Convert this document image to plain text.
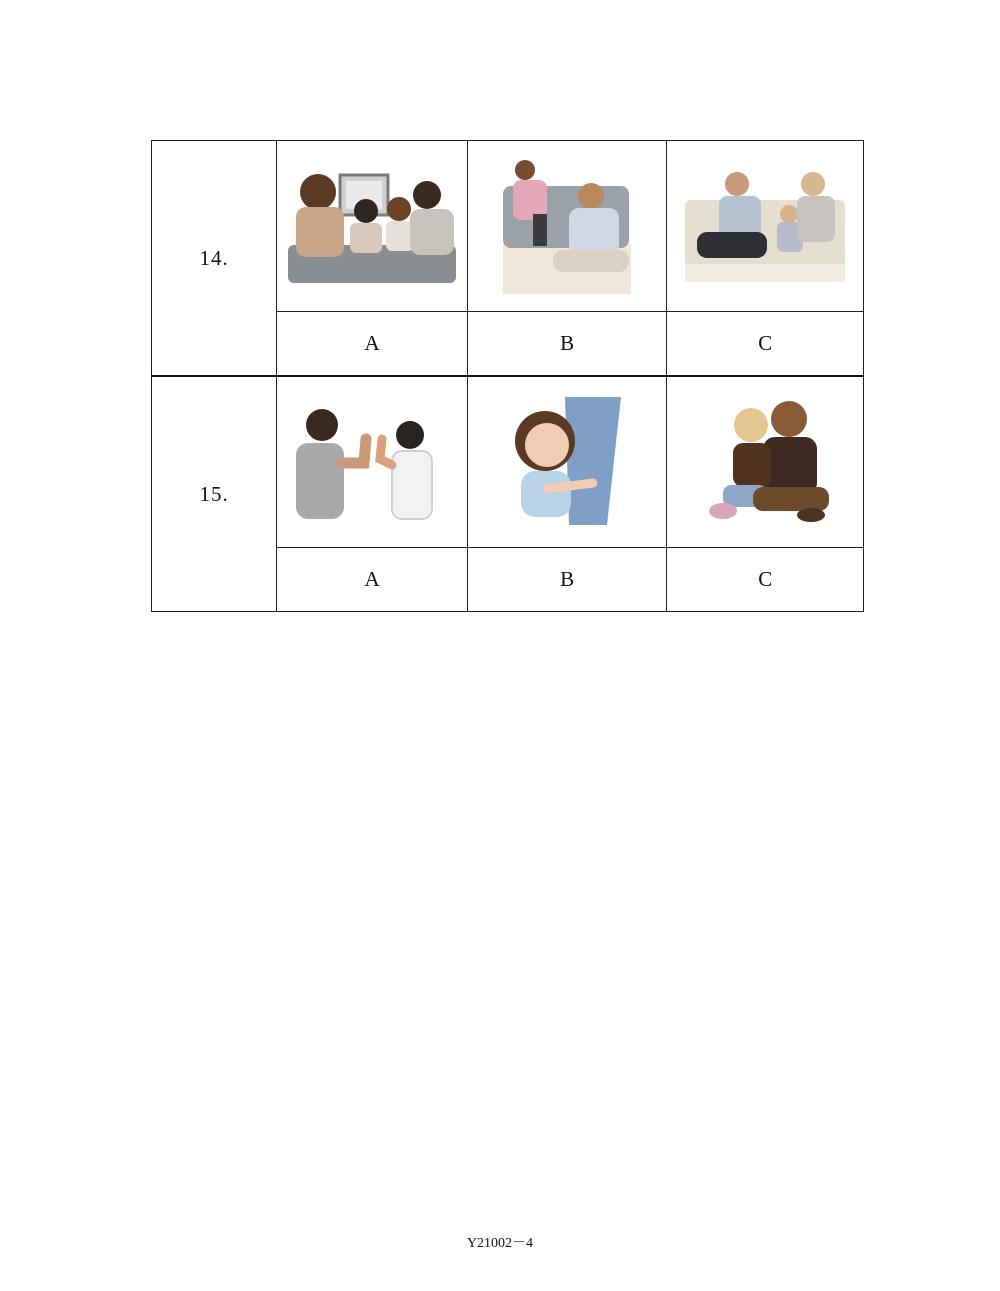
14.	

	A	B	C
15.	

	A	B	C
Y21002－4
